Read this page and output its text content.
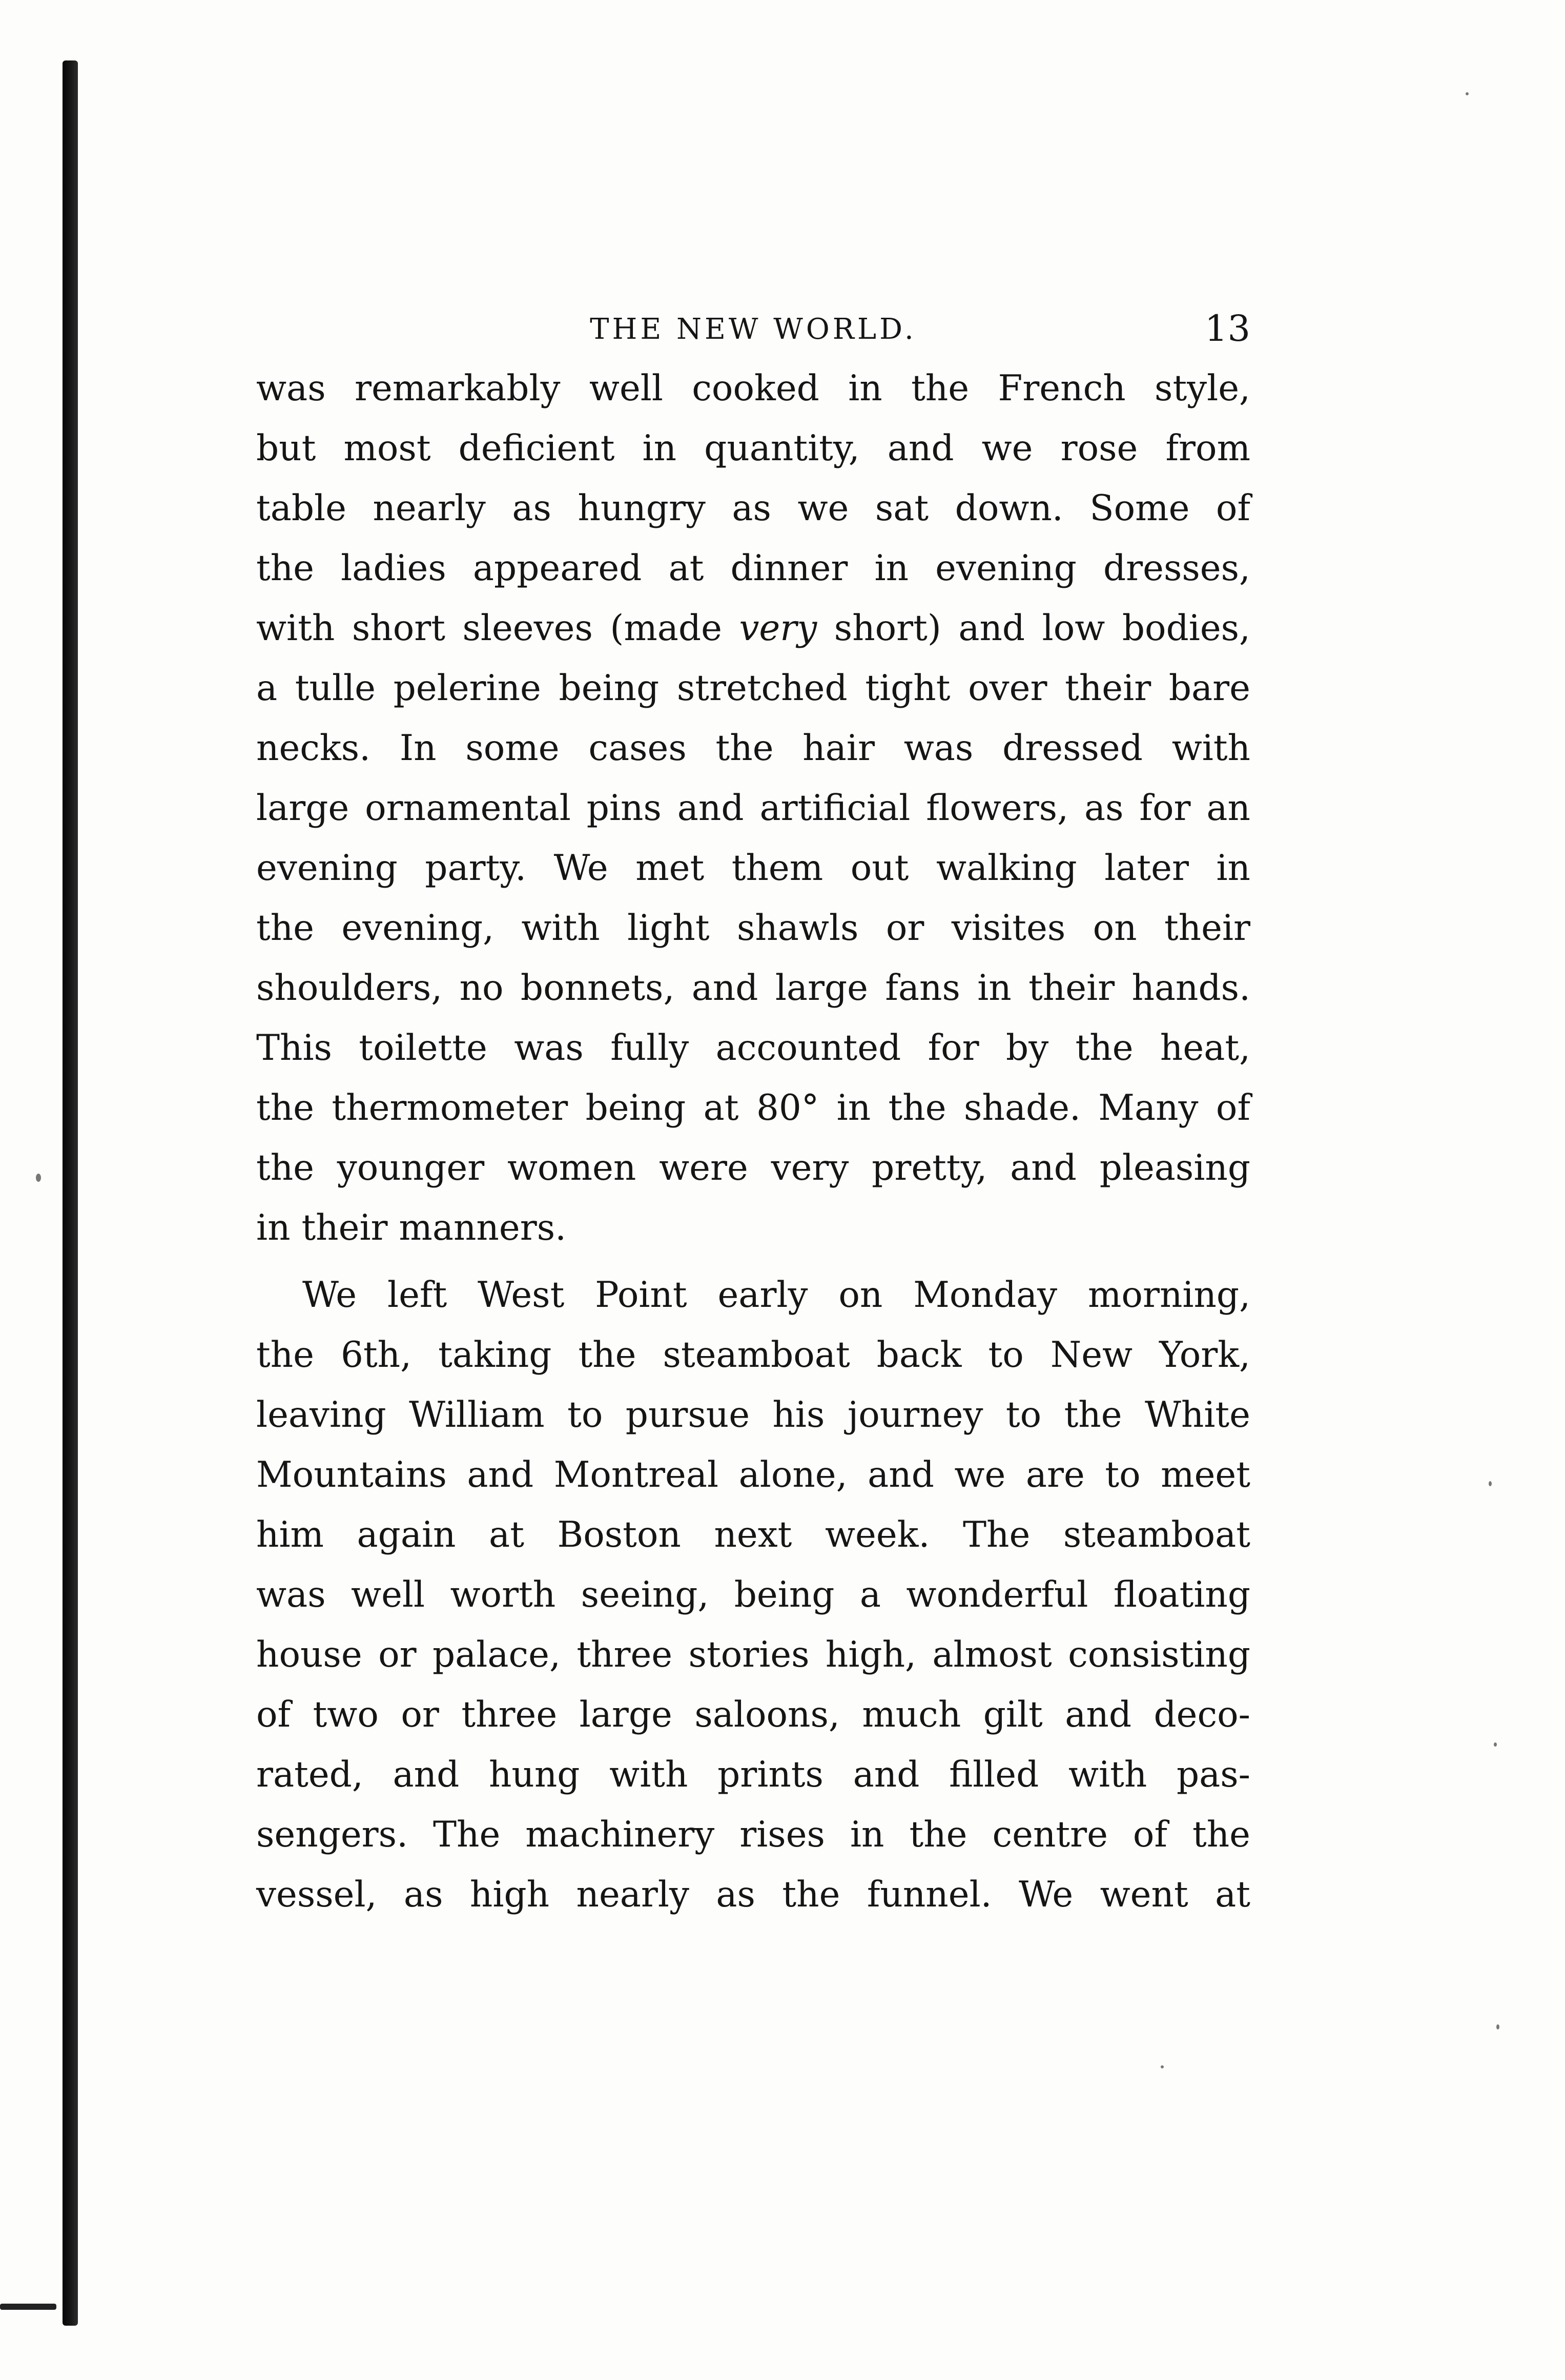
THE NEW WORLD.	13
was remarkably well cooked in the French style,
but most deficient in quantity, and we rose from
table nearly as hungry as we sat down. Some of
the ladies appeared at dinner in evening dresses,
with short sleeves (made very short) and low bodies,
a tulle pelerine being stretched tight over their bare
necks. In some cases the hair was dressed with
large ornamental pins and artificial flowers, as for an
evening party. We met them out walking later in
the evening, with light shawls or visites on their
shoulders, no bonnets, and large fans in their hands.
This toilette was fully accounted for by the heat,
the thermometer being at 80° in the shade. Many of
the younger women were very pretty, and pleasing
in their manners.
We left West Point early on Monday morning,
the 6th, taking the steamboat back to New York,
leaving William to pursue his journey to the White
Mountains and Montreal alone, and we are to meet
him again at Boston next week. The steamboat
was well worth seeing, being a wonderful floating
house or palace, three stories high, almost consisting
of two or three large saloons, much gilt and deco-
rated, and hung with prints and filled with pas-
sengers. The machinery rises in the centre of the
vessel, as high nearly as the funnel. We went at
